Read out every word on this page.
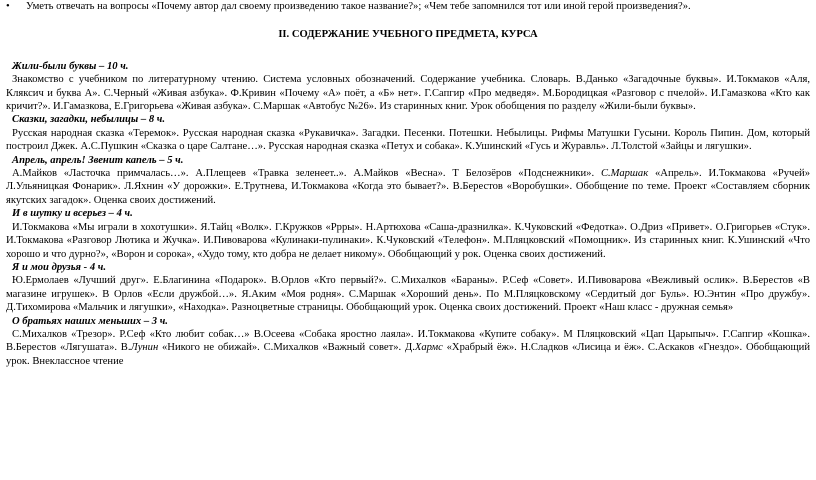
• Уметь отвечать на вопросы «Почему автор дал своему произведению такое название?»; «Чем тебе запомнился тот или иной герой произведения?».

II. СОДЕРЖАНИЕ УЧЕБНОГО ПРЕДМЕТА, КУРСА

Жили-были буквы – 10 ч.

Знакомство с учебником по литературному чтению. Система условных обозначений. Содержание учебника. Словарь. В.Данько «Загадочные буквы». И.Токмаков «Аля, Кляксич и буква А». С.Черный «Живая азбука». Ф.Кривин «Почему «А» поёт, а «Б» нет». Г.Сапгир «Про медведя». М.Бородицкая «Разговор с пчелой». И.Гамазкова «Кто как кричит?». И.Гамазкова, Е.Григорьева «Живая азбука». С.Маршак «Автобус №26». Из старинных книг. Урок обобщения по разделу «Жили-были буквы».

Сказки, загадки, небылицы – 8 ч.

Русская народная сказка «Теремок». Русская народная сказка «Рукавичка». Загадки. Песенки. Потешки. Небылицы. Рифмы Матушки Гусыни. Король Пипин. Дом, который построил Джек. А.С.Пушкин «Сказка о царе Салтане…». Русская народная сказка «Петух и собака». К.Ушинский «Гусь и Журавль». Л.Толстой «Зайцы и лягушки».

Апрель, апрель! Звенит капель – 5 ч.

А.Майков «Ласточка примчалась…». А.Плещеев «Травка зеленеет..». А.Майков «Весна». Т Белозёров «Подснежники». С.Маршак «Апрель». И.Токмакова «Ручей» Л.Ульяницкая Фонарик». Л.Яхнин «У дорожки». Е.Трутнева, И.Токмакова «Когда это бывает?». В.Берестов «Воробушки». Обобщение по теме. Проект «Составляем сборник якутских загадок». Оценка своих достижений.

И в шутку и всерьез – 4 ч.

И.Токмакова «Мы играли в хохотушки». Я.Тайц «Волк». Г.Кружков «Ррры». Н.Артюхова «Саша-дразнилка». К.Чуковский «Федотка». О.Дриз «Привет». О.Григорьев «Стук». И.Токмакова «Разговор Лютика и Жучка». И.Пивоварова «Кулинаки-пулинаки». К.Чуковский «Телефон». М.Пляцковский «Помощник». Из старинных книг. К.Ушинский «Что хорошо и что дурно?», «Ворон и сорока», «Худо тому, кто добра не делает никому». Обобщающий у рок. Оценка своих достижений.

Я и мои друзья - 4 ч.

Ю.Ермолаев «Лучший друг». Е.Благинина «Подарок». В.Орлов «Кто первый?». С.Михалков «Бараны». Р.Сеф «Совет». И.Пивоварова «Вежливый ослик». В.Берестов «В магазине игрушек». В Орлов «Если дружбой…». Я.Аким «Моя родня». С.Маршак «Хороший день». По М.Пляцковскому «Сердитый дог Буль». Ю.Энтин «Про дружбу». Д.Тихомирова «Мальчик и лягушки», «Находка». Разноцветные страницы. Обобщающий урок. Оценка своих достижений. Проект «Наш класс - дружная семья»

О братьях наших меньших – 3 ч.

С.Михалков «Трезор». Р.Сеф «Кто любит собак…» В.Осеева «Собака яростно лаяла». И.Токмакова «Купите собаку». М Пляцковский «Цап Царыпыч». Г.Сапгир «Кошка». В.Берестов «Лягушата». В.Лунин «Никого не обижай». С.Михалков «Важный совет». Д.Хармс «Храбрый ёж». Н.Сладков «Лисица и ёж». С.Аскаков «Гнездо». Обобщающий урок. Внеклассное чтение
